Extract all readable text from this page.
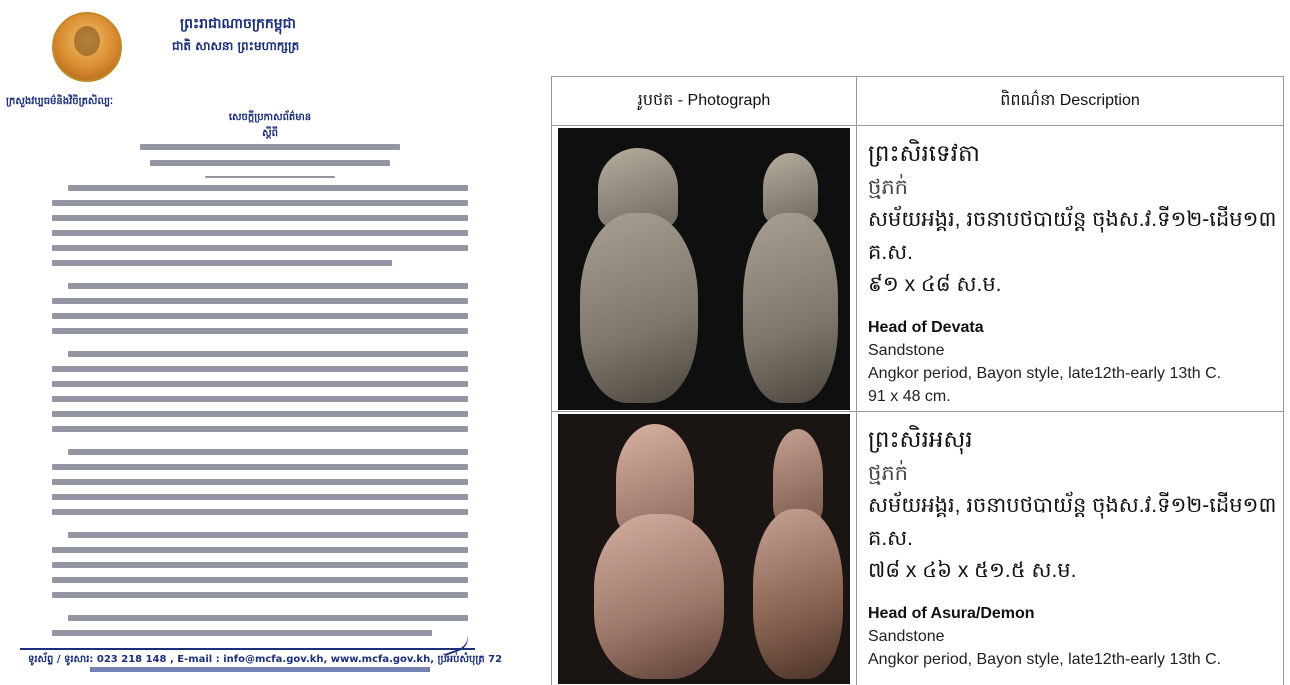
ព្រះរាជាណាចក្រកម្ពុជា
ជាតិ សាសនា ព្រះមហាក្សត្រ
ក្រសួងវប្បធម៌និងវិចិត្រសិល្បៈ
សេចក្តីប្រកាសព័ត៌មាន
ស្តីពី
ទូរស័ព្ទ / ទូរសារ: 023 218 148 , E-mail : info@mcfa.gov.kh, www.mcfa.gov.kh, ប្រអប់សំបុត្រ 72
រូបថត - Photograph	ពិពណ៌នា Description
ព្រះសិរទេវតា
ថ្មភក់
សម័យអង្គរ, រចនាបថបាយ័ន្ត ចុងស.វ.ទី១២-ដើម១៣ គ.ស.
៩១ x ៤៨ ស.ម.
Head of Devata
Sandstone
Angkor period, Bayon style, late12th-early 13th C.
91 x 48 cm.
ព្រះសិរអសុរ
ថ្មភក់
សម័យអង្គរ, រចនាបថបាយ័ន្ត ចុងស.វ.ទី១២-ដើម១៣ គ.ស.
៧៨ x ៤៦ x ៥១.៥ ស.ម.
Head of Asura/Demon
Sandstone
Angkor period, Bayon style, late12th-early 13th C.
